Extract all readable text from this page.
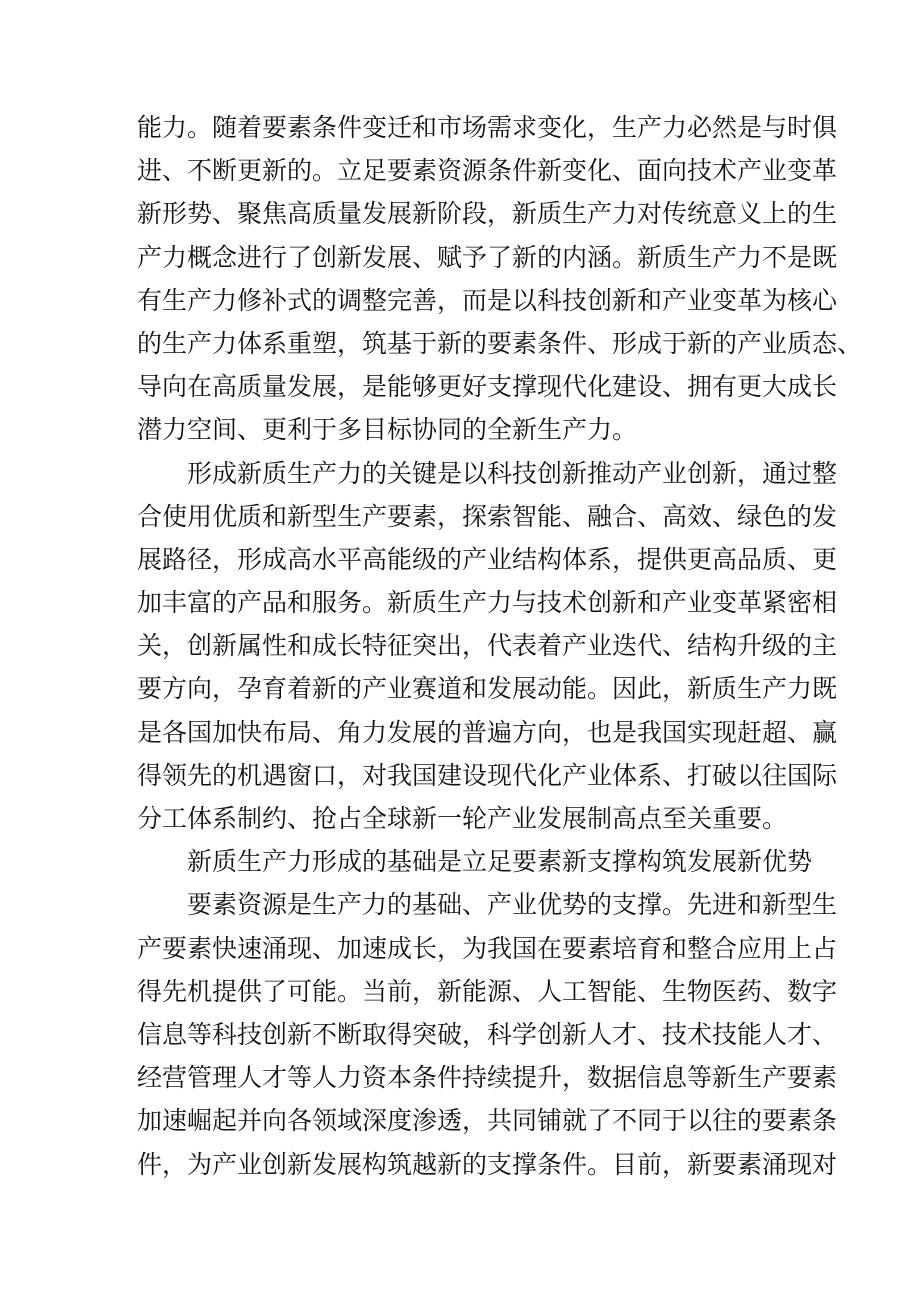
能力。随着要素条件变迁和市场需求变化，生产力必然是与时俱
进、不断更新的。立足要素资源条件新变化、面向技术产业变革
新形势、聚焦高质量发展新阶段，新质生产力对传统意义上的生
产力概念进行了创新发展、赋予了新的内涵。新质生产力不是既
有生产力修补式的调整完善，而是以科技创新和产业变革为核心
的生产力体系重塑，筑基于新的要素条件、形成于新的产业质态、
导向在高质量发展，是能够更好支撑现代化建设、拥有更大成长
潜力空间、更利于多目标协同的全新生产力。
形成新质生产力的关键是以科技创新推动产业创新，通过整
合使用优质和新型生产要素，探索智能、融合、高效、绿色的发
展路径，形成高水平高能级的产业结构体系，提供更高品质、更
加丰富的产品和服务。新质生产力与技术创新和产业变革紧密相
关，创新属性和成长特征突出，代表着产业迭代、结构升级的主
要方向，孕育着新的产业赛道和发展动能。因此，新质生产力既
是各国加快布局、角力发展的普遍方向，也是我国实现赶超、赢
得领先的机遇窗口，对我国建设现代化产业体系、打破以往国际
分工体系制约、抢占全球新一轮产业发展制高点至关重要。
新质生产力形成的基础是立足要素新支撑构筑发展新优势
要素资源是生产力的基础、产业优势的支撑。先进和新型生
产要素快速涌现、加速成长，为我国在要素培育和整合应用上占
得先机提供了可能。当前，新能源、人工智能、生物医药、数字
信息等科技创新不断取得突破，科学创新人才、技术技能人才、
经营管理人才等人力资本条件持续提升，数据信息等新生产要素
加速崛起并向各领域深度渗透，共同铺就了不同于以往的要素条
件，为产业创新发展构筑越新的支撑条件。目前，新要素涌现对
